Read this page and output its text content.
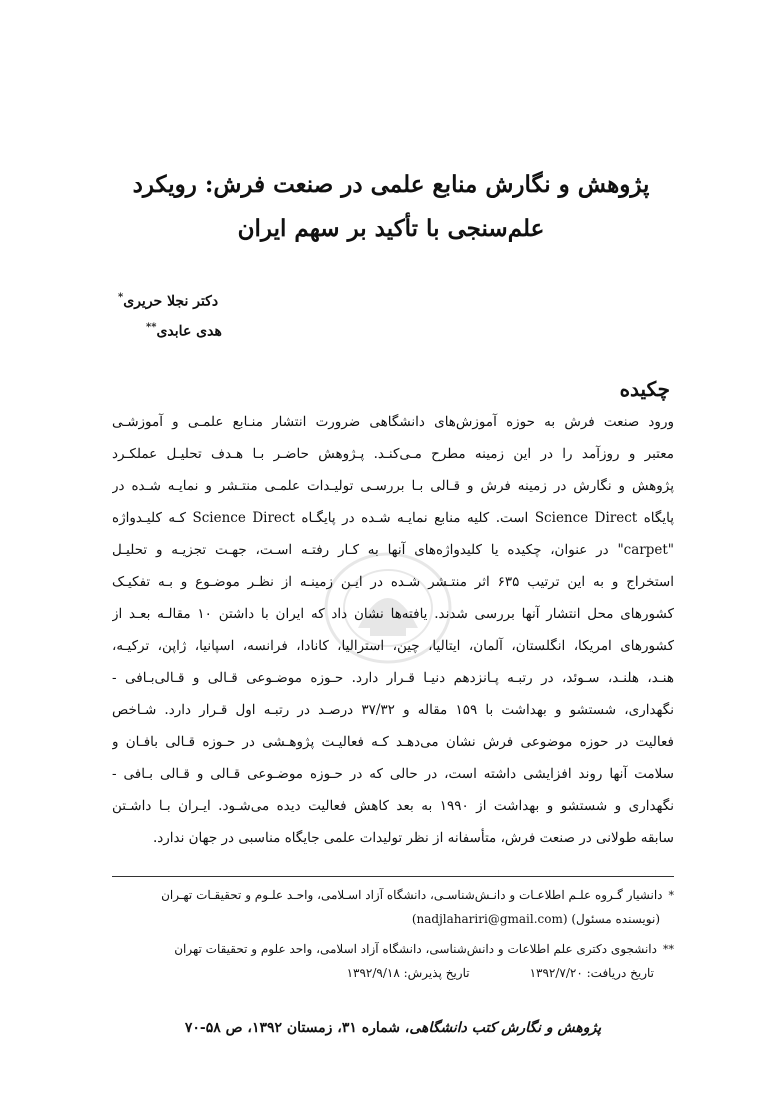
پژوهش و نگارش منابع علمی در صنعت فرش: رویکرد
علم‌سنجی با تأکید بر سهم ایران
دکتر نجلا حریری*
هدی عابدی**
چکیده
ورود صنعت فرش به حوزه آموزش‌های دانشگاهی ضرورت انتشار منـابع علمـی و آموزشـی
معتبر و روزآمد را در این زمینه مطرح مـی‌کنـد. پـژوهش حاضـر بـا هـدف تحلیـل عملکـرد
پژوهش و نگارش در زمینه فرش و قـالی بـا بررسـی تولیـدات علمـی منتـشر و نمایـه شـده در
پایگاه Science Direct است. کلیه منابع نمایـه شـده در پایگـاه Science Direct کـه کلیـدواژه
"carpet" در عنوان، چکیده یا کلیدواژه‌های آنها به کـار رفتـه اسـت، جهـت تجزیـه و تحلیـل
استخراج و به این ترتیب ۶۳۵ اثر منتـشر شـده در ایـن زمینـه از نظـر موضـوع و بـه تفکیـک
کشورهای محل انتشار آنها بررسی شدند. یافته‌ها نشان داد که ایران با داشتن ۱۰ مقالـه بعـد از
کشورهای امریکا، انگلستان، آلمان، ایتالیا، چین، استرالیا، کانادا، فرانسه، اسپانیا، ژاپن، ترکیـه،
هنـد، هلنـد، سـوئد، در رتبـه پـانزدهم دنیـا قـرار دارد. حـوزه موضـوعی قـالی و قـالی‌بـافی -
نگهداری، شستشو و بهداشت با ۱۵۹ مقاله و ۳۷/۳۲ درصـد در رتبـه اول قـرار دارد. شـاخص
فعالیت در حوزه موضوعی فرش نشان می‌دهـد کـه فعالیـت پژوهـشی در حـوزه قـالی بافـان و
سلامت آنها روند افزایشی داشته است، در حالی که در حـوزه موضـوعی قـالی و قـالی بـافی -
نگهداری و شستشو و بهداشت از ۱۹۹۰ به بعد کاهش فعالیت دیده می‌شـود. ایـران بـا داشـتن
سابقه طولانی در صنعت فرش، متأسفانه از نظر تولیدات علمی جایگاه مناسبی در جهان ندارد.
*دانشیار گـروه علـم اطلاعـات و دانـش‌شناسـی، دانشگاه آزاد اسـلامی، واحـد علـوم و تحقیقـات تهـران
(نویسنده مسئول) (nadjlahariri@gmail.com)
**دانشجوی دکتری علم اطلاعات و دانش‌شناسی، دانشگاه آزاد اسلامی، واحد علوم و تحقیقات تهران
تاریخ دریافت: ۱۳۹۲/۷/۲۰تاریخ پذیرش: ۱۳۹۲/۹/۱۸
پژوهش و نگارش کتب دانشگاهی، شماره ۳۱، زمستان ۱۳۹۲، ص ۵۸-۷۰
